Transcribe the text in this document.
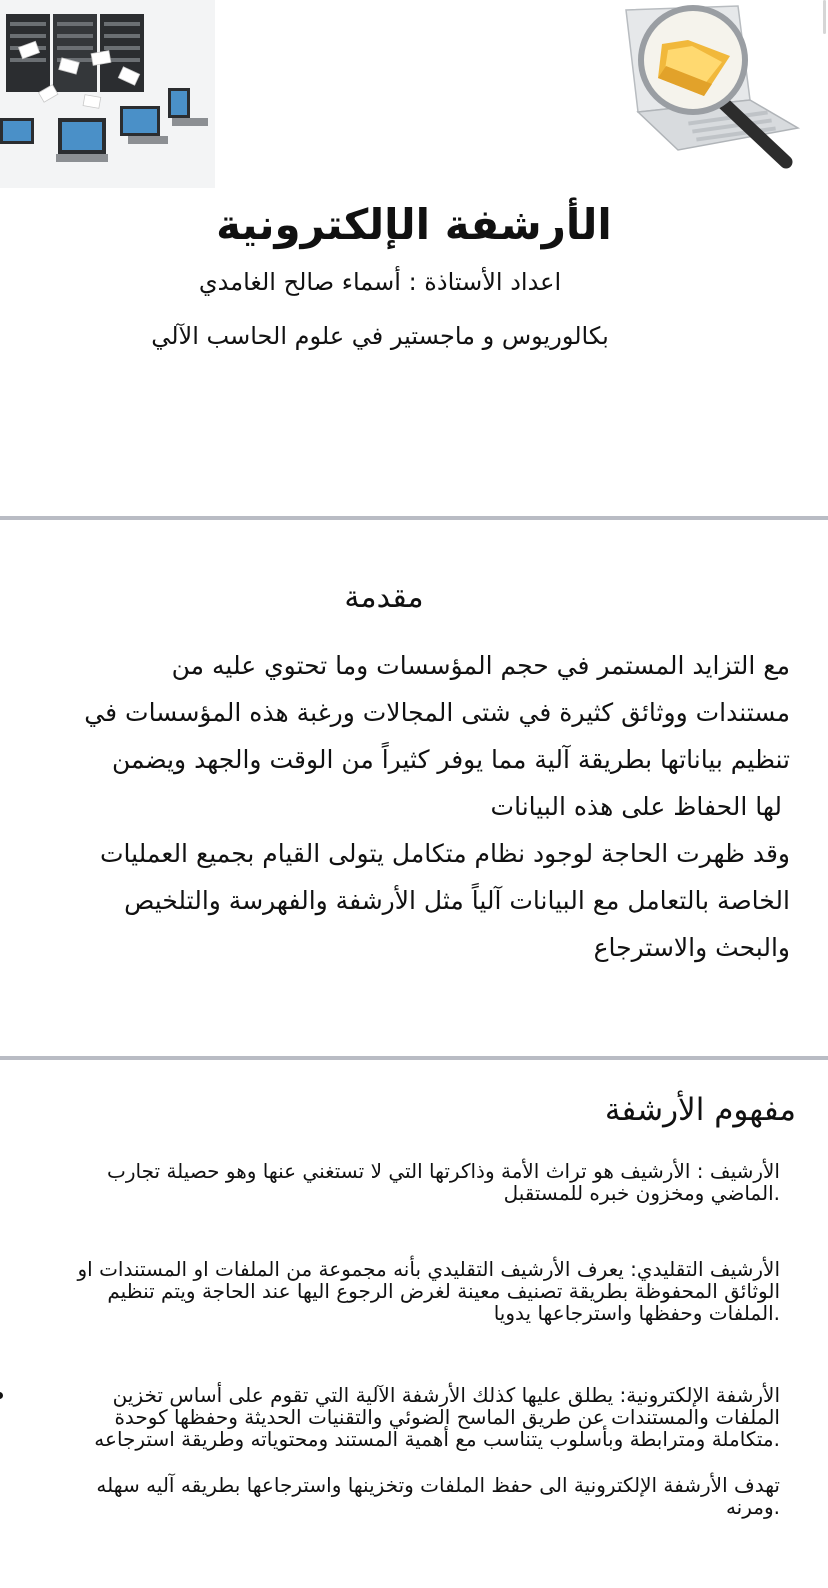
الأرشفة الإلكترونية
اعداد الأستاذة : أسماء صالح الغامدي
بكالوريوس و ماجستير في علوم الحاسب الآلي
مقدمة
مع التزايد المستمر في حجم المؤسسات وما تحتوي عليه من
مستندات ووثائق كثيرة في شتى المجالات ورغبة هذه المؤسسات في
تنظيم بياناتها بطريقة آلية مما يوفر كثيراً من الوقت والجهد ويضمن
لها الحفاظ على هذه البيانات
وقد ظهرت الحاجة لوجود نظام متكامل يتولى القيام بجميع العمليات
الخاصة بالتعامل مع البيانات آلياً مثل الأرشفة والفهرسة والتلخيص
والبحث والاسترجاع
مفهوم الأرشفة
الأرشيف : الأرشيف هو تراث الأمة وذاكرتها التي لا تستغني عنها وهو حصيلة تجارب
.الماضي ومخزون خبره للمستقبل
الأرشيف التقليدي: يعرف الأرشيف التقليدي بأنه مجموعة من الملفات او المستندات او
الوثائق المحفوظة بطريقة تصنيف معينة لغرض الرجوع اليها عند الحاجة ويتم تنظيم
.الملفات وحفظها واسترجاعها يدويا
الأرشفة الإلكترونية: يطلق عليها كذلك الأرشفة الآلية التي تقوم على أساس تخزين
الملفات والمستندات عن طريق الماسح الضوئي والتقنيات الحديثة وحفظها كوحدة
.متكاملة ومترابطة وبأسلوب يتناسب مع أهمية المستند ومحتوياته وطريقة استرجاعه
تهدف الأرشفة الإلكترونية الى حفظ الملفات وتخزينها واسترجاعها بطريقه آليه سهله
.ومرنه
